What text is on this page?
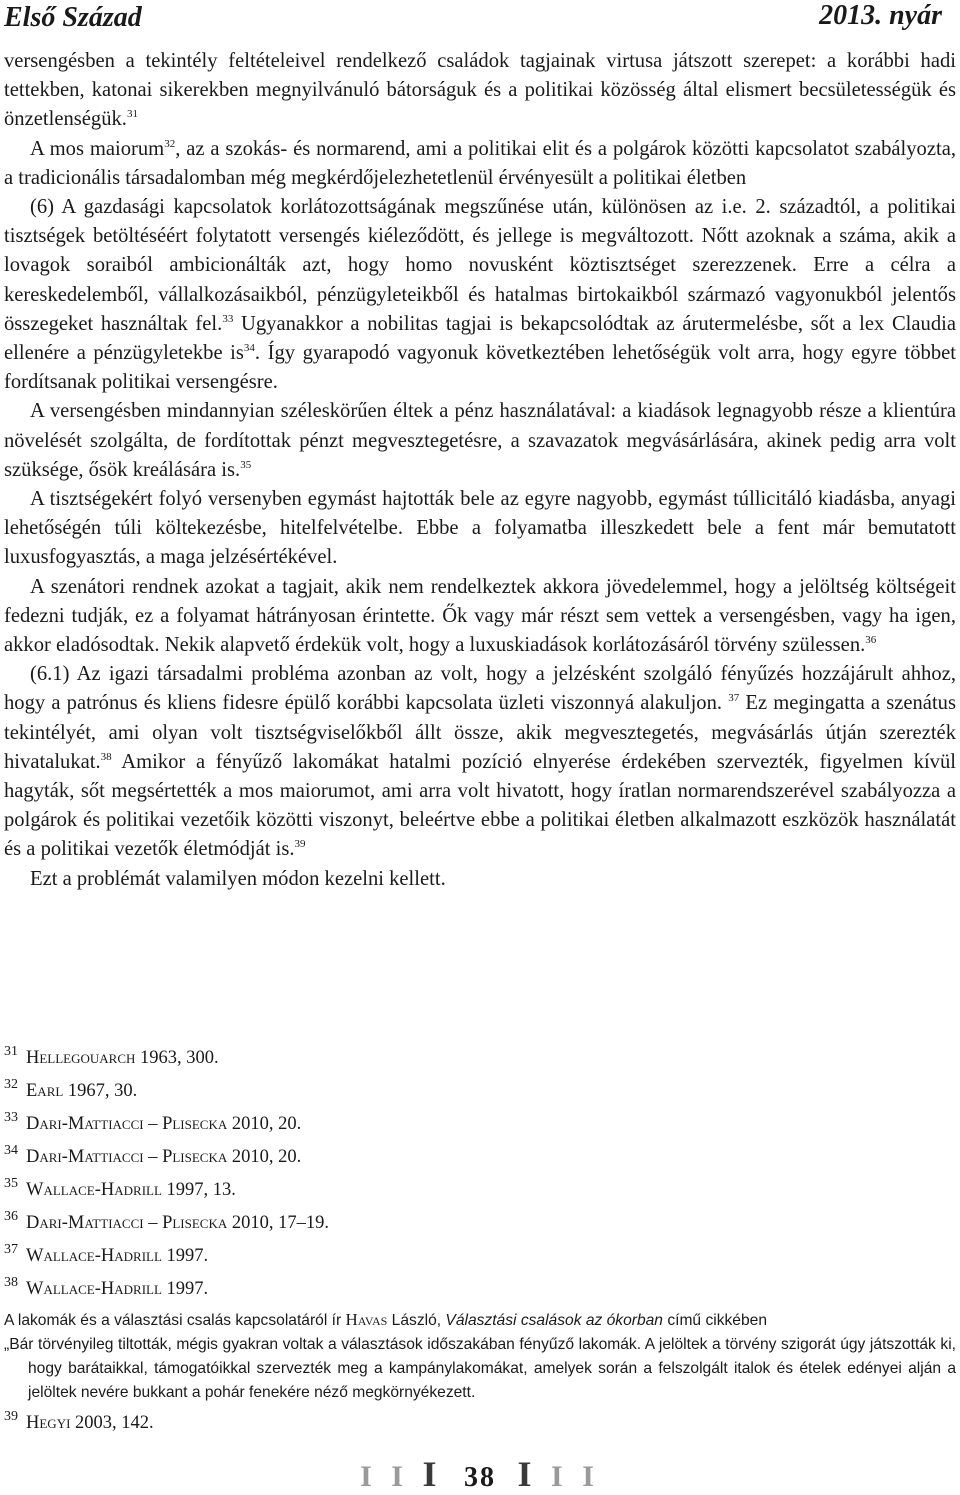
Első Század	2013. nyár

versengésben a tekintély feltételeivel rendelkező családok tagjainak virtusa játszott szerepet: a korábbi hadi tettekben, katonai sikerekben megnyilvánuló bátorságuk és a politikai közösség által elismert becsületességük és önzetlenségük.$^{31}$

A mos maiorum$^{32}$, az a szokás- és normarend, ami a politikai elit és a polgárok közötti kapcsolatot szabályozta, a tradicionális társadalomban még megkérdőjelezhetetlenül érvényesült a politikai életben

(6) A gazdasági kapcsolatok korlátozottságának megszűnése után, különösen az i.e. 2. századtól, a politikai tisztségek betöltéséért folytatott versengés kiéleződött, és jellege is megváltozott. Nőtt azoknak a száma, akik a lovagok soraiból ambicionálták azt, hogy homo novusként köztisztséget szerezzenek. Erre a célra a kereskedelemből, vállalkozásaikból, pénzügyleteikből és hatalmas birtokaikból származó vagyonukból jelentős összegeket használtak fel.$^{33}$ Ugyanakkor a nobilitas tagjai is bekapcsolódtak az árutermelésbe, sőt a lex Claudia ellenére a pénzügyletekbe $is^{34}$. Így gyarapodó vagyonuk következtében lehetőségük volt arra, hogy egyre többet fordítsanak politikai versengésre.

A versengésben mindannyian széleskörűen éltek a pénz használatával: a kiadások legnagyobb része a klientúra növelését szolgálta, de fordítottak pénzt megvesztegetésre, a szavazatok megvásárlására, akinek pedig arra volt szüksége, ősök kreálására is.$^{35}$

A tisztségekért folyó versenyben egymást hajtották bele az egyre nagyobb, egymást túllicitáló kiadásba, anyagi lehetőségén túli költekezésbe, hitelfelvételbe. Ebbe a folyamatba illeszkedett bele a fent már bemutatott luxusfogyasztás, a maga jelzésértékével.

A szenátori rendnek azokat a tagjait, akik nem rendelkeztek akkora jövedelemmel, hogy a jelöltség költségeit fedezni tudják, ez a folyamat hátrányosan érintette. Ők vagy már részt sem vettek a versengésben, vagy ha igen, akkor eladósodtak. Nekik alapvető érdekük volt, hogy a luxuskiadások korlátozásáról törvény szülessen.$^{36}$

(6.1) Az igazi társadalmi probléma azonban az volt, hogy a jelzésként szolgáló fényűzés hozzájárult ahhoz, hogy a patrónus és kliens fidesre épülő korábbi kapcsolata üzleti viszonnyá alakuljon. $^{37}$ Ez megingatta a szenátus tekintélyét, ami olyan volt tisztségviselőkből állt össze, akik megvesztegetés, megvásárlás útján szerezték hivatalukat.$^{38}$ Amikor a fényűző lakomákat hatalmi pozíció elnyerése érdekében szervezték, figyelmen kívül hagyták, sőt megsértették a mos maiorumot, ami arra volt hivatott, hogy íratlan normarendszerével szabályozza a polgárok és politikai vezetőik közötti viszonyt, beleértve ebbe a politikai életben alkalmazott eszközök használatát és a politikai vezetők életmódját is.$^{39}$

Ezt a problémát valamilyen módon kezelni kellett.

31 Hellegouarch 1963, 300.
32 Earl 1967, 30.
33 Dari-Mattiacci – Plisecka 2010, 20.
34 Dari-Mattiacci – Plisecka 2010, 20.
35 Wallace-Hadrill 1997, 13.
36 Dari-Mattiacci – Plisecka 2010, 17–19.
37 Wallace-Hadrill 1997.
38 Wallace-Hadrill 1997.
A lakomák és a választási csalás kapcsolatáról ír Havas László, Választási csalások az ókorban című cikkében
„Bár törvényileg tiltották, mégis gyakran voltak a választások időszakában fényűző lakomák. A jelöltek a törvény szigorát úgy játszották ki, hogy barátaikkal, támogatóikkal szervezték meg a kampánylakomákat, amelyek során a felszolgált italok és ételek edényei alján a jelöltek nevére bukkant a pohár fenekére néző megkörnyékezett.
39 Hegyi 2003, 142.
I I I 38 I I I
